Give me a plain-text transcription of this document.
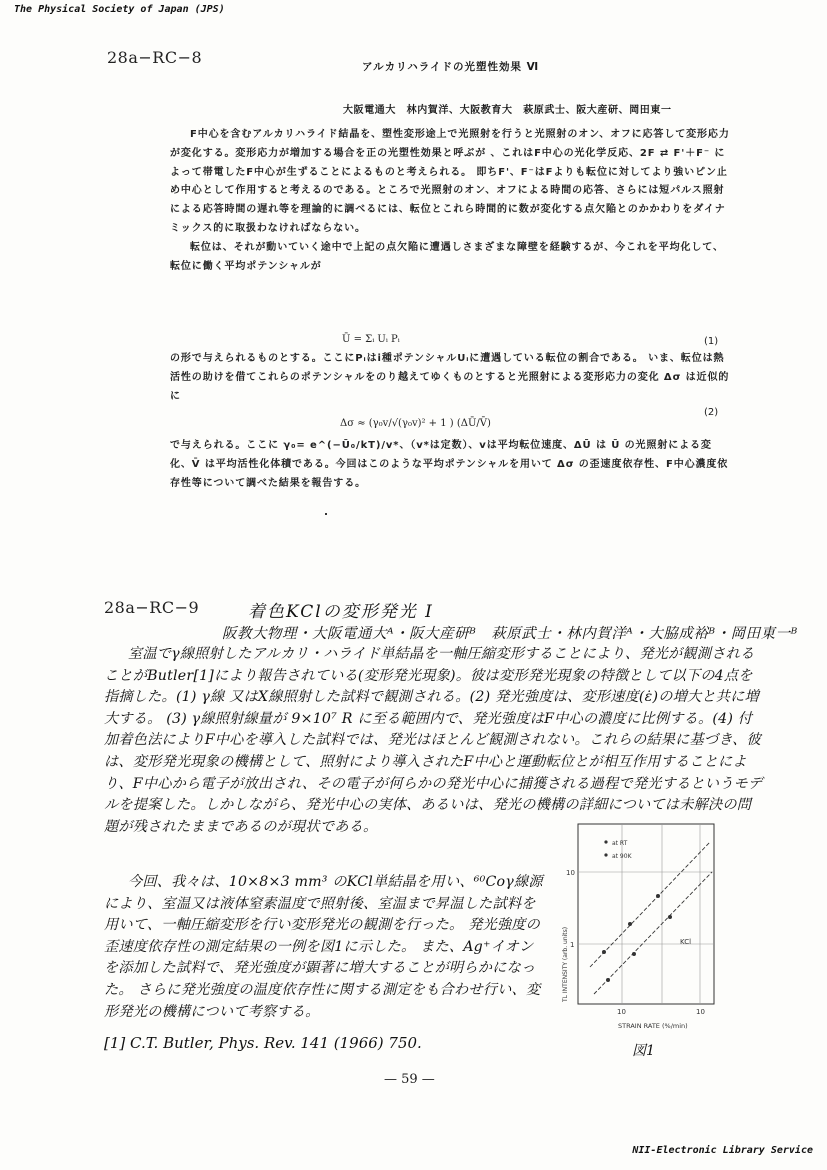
The Physical Society of Japan (JPS)
NII-Electronic Library Service
28a−RC−8	アルカリハライドの光塑性効果 Ⅵ
大阪電通大　林内賀洋、大阪教育大　萩原武士、阪大産研、岡田東一

F中心を含むアルカリハライド結晶を、塑性変形途上で光照射を行うと光照射のオン、オフに応答して変形応力が変化する。変形応力が増加する場合を正の光塑性効果と呼ぶが 、これはF中心の光化学反応、2F ⇄ F'＋F⁻ によって帯電したF中心が生ずることによるものと考えられる。 即ちF'、F⁻はFよりも転位に対してより強いピン止め中心として作用すると考えるのである。ところで光照射のオン、オフによる時間の応答、さらには短パルス照射による応答時間の遅れ等を理論的に調べるには、転位とこれら時間的に数が変化する点欠陥とのかかわりをダイナミックス的に取扱わなければならない。

転位は、それが動いていく途中で上記の点欠陥に遭遇しさまざまな障壁を経験するが、今これを平均化して、転位に働く平均ポテンシャルが

Ū = Σᵢ Uᵢ Pᵢ	(1)

の形で与えられるものとする。ここにPᵢはi種ポテンシャルUᵢに遭遇している転位の割合である。 いま、転位は熱活性の助けを借てこれらのポテンシャルをのり越えてゆくものとすると光照射による変形応力の変化 Δσ は近似的に

Δσ ≈ (γ₀v/√(γ₀v)² + 1 ) (ΔŪ/V̄)
(2)

で与えられる。ここに γ₀= e^(−Ū₀/kT)/v*、（v*は定数）、vは平均転位速度、ΔŪ は Ū の光照射による変化、V̄ は平均活性化体積である。今回はこのような平均ポテンシャルを用いて Δσ の歪速度依存性、F中心濃度依存性等について調べた結果を報告する。

28a−RC−9	着色KClの変形発光 Ⅰ
阪教大物理・大阪電通大ᴬ・阪大産研ᴮ　萩原武士・林内賀洋ᴬ・大脇成裕ᴮ・岡田東一ᴮ

室温でγ線照射したアルカリ・ハライド単結晶を一軸圧縮変形することにより、発光が観測されることがButler[1]により報告されている(変形発光現象)。彼は変形発光現象の特徴として以下の4点を指摘した。(1) γ線 又はX線照射した試料で観測される。(2) 発光強度は、変形速度(ε̇)の増大と共に増大する。 (3) γ線照射線量が 9×10⁷ R に至る範囲内で、発光強度はF中心の濃度に比例する。(4) 付加着色法によりF中心を導入した試料では、発光はほとんど観測されない。これらの結果に基づき、彼は、変形発光現象の機構として、照射により導入されたF中心と運動転位とが相互作用することにより、F中心から電子が放出され、その電子が何らかの発光中心に捕獲される過程で発光するというモデルを提案した。しかしながら、発光中心の実体、あるいは、発光の機構の詳細については未解決の問題が残されたままであるのが現状である。

今回、我々は、10×8×3 mm³ のKCl単結晶を用い、⁶⁰Coγ線源により、室温又は液体窒素温度で照射後、室温まで昇温した試料を用いて、一軸圧縮変形を行い変形発光の観測を行った。 発光強度の歪速度依存性の測定結果の一例を図1に示した。 また、Ag⁺イオンを添加した試料で、発光強度が顕著に増大することが明らかになった。 さらに発光強度の温度依存性に関する測定をも合わせ行い、変形発光の機構について考察する。

[1] C.T. Butler, Phys. Rev. 141 (1966) 750.
at RT
at 90K
KCl
10
1
10	10
STRAIN RATE (%/min)
TL INTENSITY (arb. units)
図1
— 59 —
